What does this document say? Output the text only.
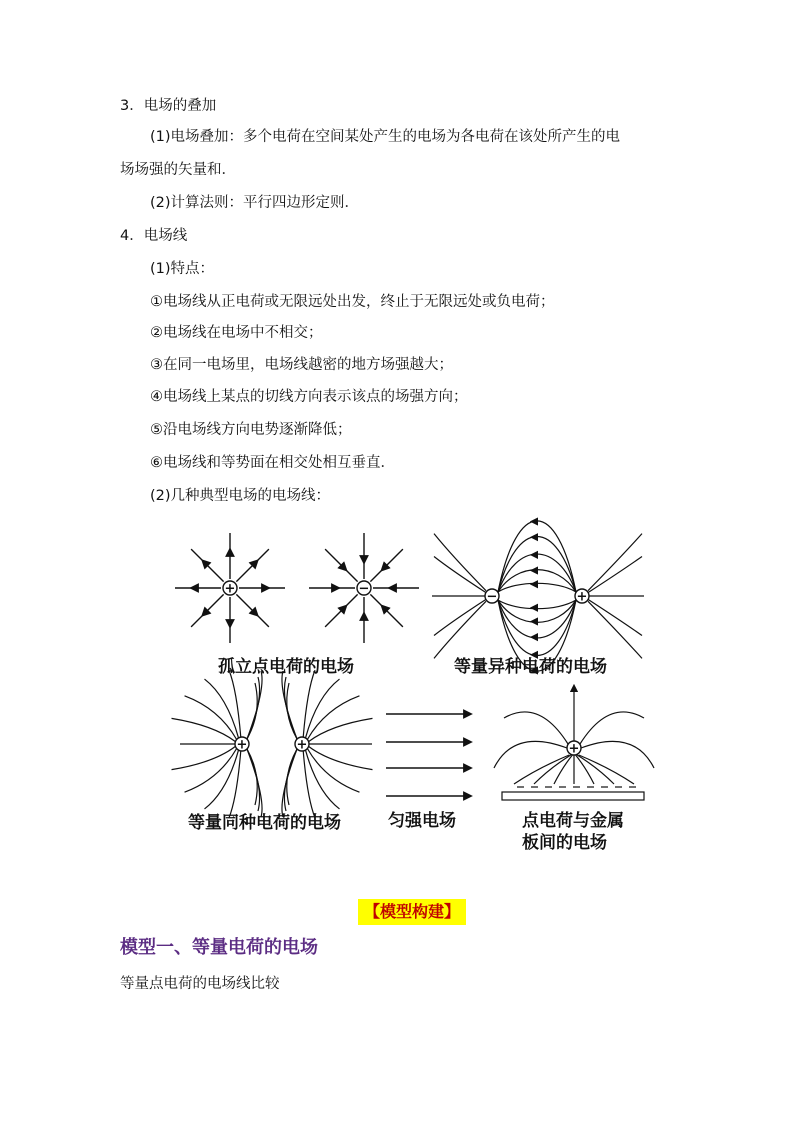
3．电场的叠加
(1)电场叠加：多个电荷在空间某处产生的电场为各电荷在该处所产生的电
场场强的矢量和．
(2)计算法则：平行四边形定则．
4．电场线
(1)特点：
①电场线从正电荷或无限远处出发，终止于无限远处或负电荷；
②电场线在电场中不相交；
③在同一电场里，电场线越密的地方场强越大；
④电场线上某点的切线方向表示该点的场强方向；
⑤沿电场线方向电势逐渐降低；
⑥电场线和等势面在相交处相互垂直．
(2)几种典型电场的电场线：
+	−
−	+
+	+	+
孤立点电荷的电场	等量异种电荷的电场
等量同种电荷的电场	匀强电场	点电荷与金属
板间的电场
【模型构建】
模型一、等量电荷的电场
等量点电荷的电场线比较
